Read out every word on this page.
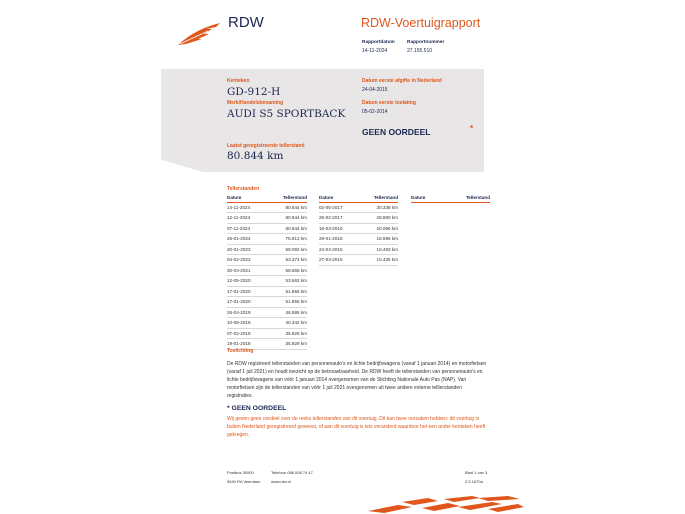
RDW	RDW-Voertuigrapport
Rapportdatum	Rapportnummer
14-11-2024	27.155.510
Kenteken
GD-912-H
Merk/Handelsbenaming
AUDI S5 SPORTBACK
Laatst geregistreerde tellerstand
80.844 km
Datum eerste afgifte in Nederland
24-04-2015
Datum eerste toelating
05-02-2014
GEEN OORDEEL	*
Tellerstanden
Datum	Tellerstand
14-11-2024	80.844 km
12-11-2024	80.844 km
07-11-2024	80.844 km
26-01-2024	75.913 km
20-01-2023	69.092 km
04-02-2022	63.374 km
30-04-2021	58.865 km
12-05-2020	53.662 km
17-01-2020	51.856 km
17-01-2020	51.855 km
26-04-2019	46.595 km
10-08-2018	40.342 km
07-02-2018	35.829 km
19-01-2018	35.829 km
Datum	Tellerstand
02-05-2017	30.338 km
25-02-2017	28.890 km
15-03-2016	20.056 km
29-01-2016	18.896 km
24-04-2015	10.483 km
27-03-2015	10.435 km
Datum	Tellerstand
Toelichting
De RDW registreert tellerstanden van personenauto's en lichte bedrijfswagens (vanaf 1 januari 2014) en motorfietsen (vanaf 1 juli 2021) en houdt toezicht op de betrouwbaarheid. De RDW heeft de tellerstanden van personenauto's en lichte bedrijfswagens van vóór 1 januari 2014 overgenomen van de Stichting Nationale Auto Pas (NAP). Van motorfietsen zijn de tellerstanden van vóór 1 juli 2021 overgenomen uit twee andere externe telllerstanden registraties.
* GEEN OORDEEL
Wij geven geen oordeel over de reeks tellerstanden van dit voertuig. Dit kan twee oorzaken hebben: dit voertuig is buiten Nederland geregistreerd geweest, of aan dit voertuig is iets veranderd waardoor het een ander kenteken heeft gekregen.
Postbus 30000
9640 RA Veendam
Telefoon 088 008 74 47
www.rdw.nl
Blad 1 van 3
2.5 1670a
